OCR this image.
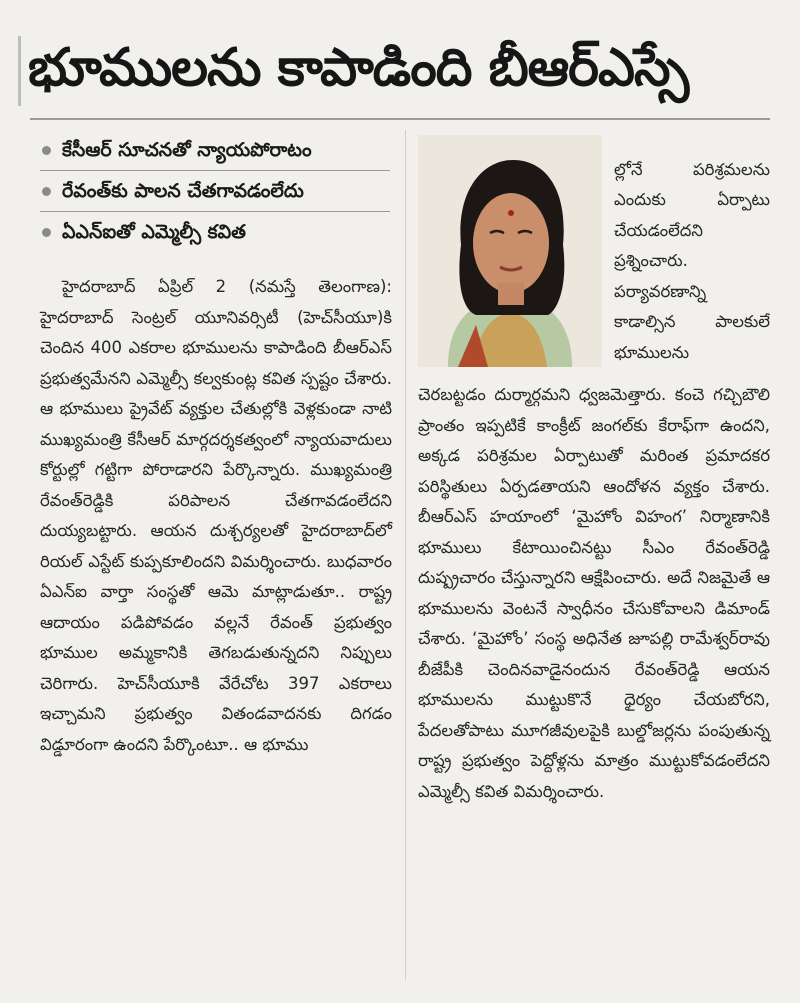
భూములను కాపాడింది బీఆర్‌ఎస్సే
కేసీఆర్ సూచనతో న్యాయపోరాటం
రేవంత్‌కు పాలన చేతగావడంలేదు
ఏఎన్‌ఐతో ఎమ్మెల్సీ కవిత

హైదరాబాద్ ఏప్రిల్ 2 (నమస్తే తెలంగాణ): హైదరాబాద్ సెంట్రల్ యూనివర్సిటీ (హెచ్‌సీయూ)కి చెందిన 400 ఎకరాల భూములను కాపాడింది బీఆర్‌ఎస్ ప్రభుత్వమేనని ఎమ్మెల్సీ కల్వకుంట్ల కవిత స్పష్టం చేశారు. ఆ భూములు ప్రైవేట్ వ్యక్తుల చేతుల్లోకి వెళ్లకుండా నాటి ముఖ్యమంత్రి కేసీఆర్ మార్గదర్శకత్వంలో న్యాయవాదులు కోర్టుల్లో గట్టిగా పోరాడారని పేర్కొన్నారు. ముఖ్యమంత్రి రేవంత్‌రెడ్డికి పరిపాలన చేతగావడంలేదని దుయ్యబట్టారు. ఆయన దుశ్చర్యలతో హైదరాబాద్‌లో రియల్ ఎస్టేట్ కుప్పకూలిందని విమర్శించారు. బుధవారం ఏఎన్‌ఐ వార్తా సంస్థతో ఆమె మాట్లాడుతూ.. రాష్ట్ర ఆదాయం పడిపోవడం వల్లనే రేవంత్ ప్రభుత్వం భూముల అమ్మకానికి తెగబడుతున్నదని నిప్పులు చెరిగారు. హెచ్‌సీయూకి వేరేచోట 397 ఎకరాలు ఇచ్చామని ప్రభుత్వం వితండవాదనకు దిగడం విడ్డూరంగా ఉందని పేర్కొంటూ.. ఆ భూము

ల్లోనే పరిశ్రమలను ఎందుకు ఏర్పాటు చేయడంలేదని ప్రశ్నించారు. పర్యావరణాన్ని కాడాల్సిన పాలకులే భూములను

చెరబట్టడం దుర్మార్గమని ధ్వజమెత్తారు. కంచె గచ్చిబౌలి ప్రాంతం ఇప్పటికే కాంక్రీట్ జంగల్‌కు కేరాఫ్‌గా ఉందని, అక్కడ పరిశ్రమల ఏర్పాటుతో మరింత ప్రమాదకర పరిస్థితులు ఏర్పడతాయని ఆందోళన వ్యక్తం చేశారు. బీఆర్‌ఎస్ హయాంలో ‘మైహోం విహంగ’ నిర్మాణానికి భూములు కేటాయించినట్టు సీఎం రేవంత్‌రెడ్డి దుష్ప్రచారం చేస్తున్నారని ఆక్షేపించారు. అదే నిజమైతే ఆ భూములను వెంటనే స్వాధీనం చేసుకోవాలని డిమాండ్ చేశారు. ‘మైహోం’ సంస్థ అధినేత జూపల్లి రామేశ్వర్‌రావు బీజేపీకి చెందినవాడైనందున రేవంత్‌రెడ్డి ఆయన భూములను ముట్టుకొనే ధైర్యం చేయబోరని, పేదలతోపాటు మూగజీవులపైకి బుల్డోజర్లను పంపుతున్న రాష్ట్ర ప్రభుత్వం పెద్దోళ్లను మాత్రం ముట్టుకోవడంలేదని ఎమ్మెల్సీ కవిత విమర్శించారు.
